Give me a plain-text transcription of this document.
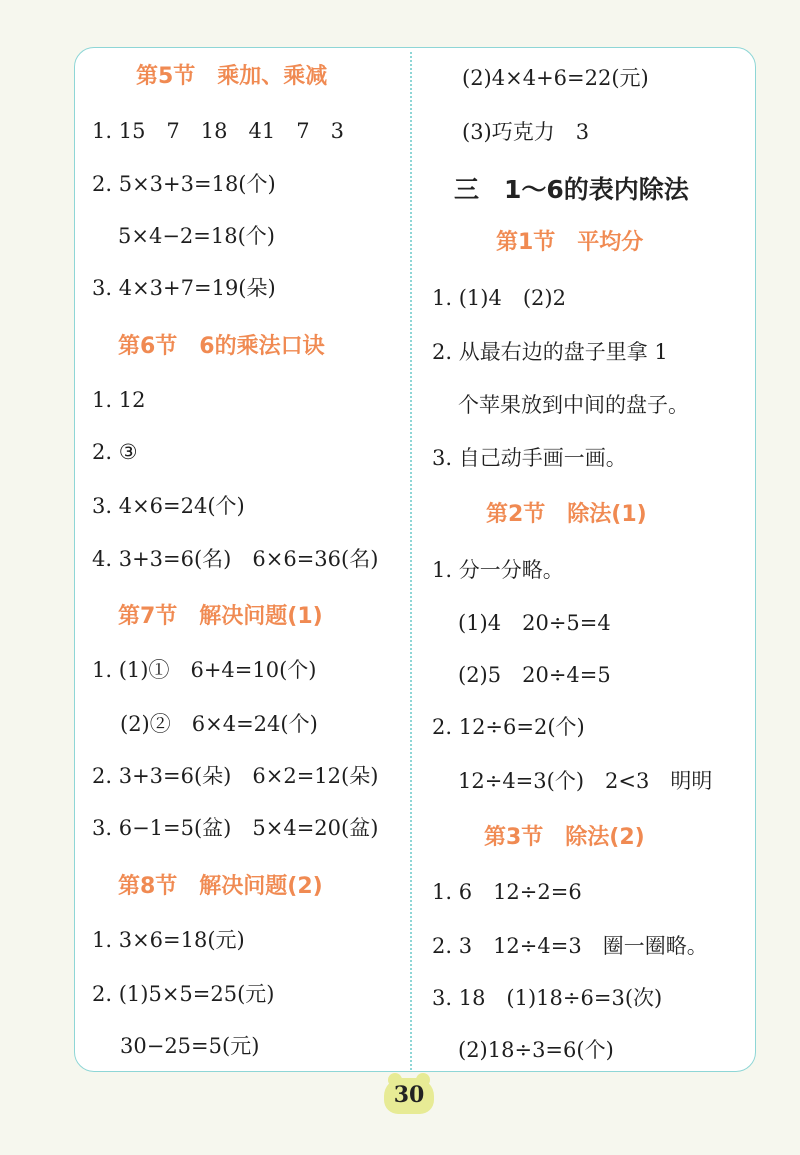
第5节　乘加、乘减
1. 15　7　18　41　7　3
2. 5×3+3=18(个)
5×4−2=18(个)
3. 4×3+7=19(朵)
第6节　6的乘法口诀
1. 12
2. ③
3. 4×6=24(个)
4. 3+3=6(名)　6×6=36(名)
第7节　解决问题(1)
1. (1)①　6+4=10(个)
(2)②　6×4=24(个)
2. 3+3=6(朵)　6×2=12(朵)
3. 6−1=5(盆)　5×4=20(盆)
第8节　解决问题(2)
1. 3×6=18(元)
2. (1)5×5=25(元)
30−25=5(元)
(2)4×4+6=22(元)
(3)巧克力　3
三　1～6的表内除法
第1节　平均分
1. (1)4　(2)2
2. 从最右边的盘子里拿 1
个苹果放到中间的盘子。
3. 自己动手画一画。
第2节　除法(1)
1. 分一分略。
(1)4　20÷5=4
(2)5　20÷4=5
2. 12÷6=2(个)
12÷4=3(个)　2<3　明明
第3节　除法(2)
1. 6　12÷2=6
2. 3　12÷4=3　圈一圈略。
3. 18　(1)18÷6=3(次)
(2)18÷3=6(个)
30
